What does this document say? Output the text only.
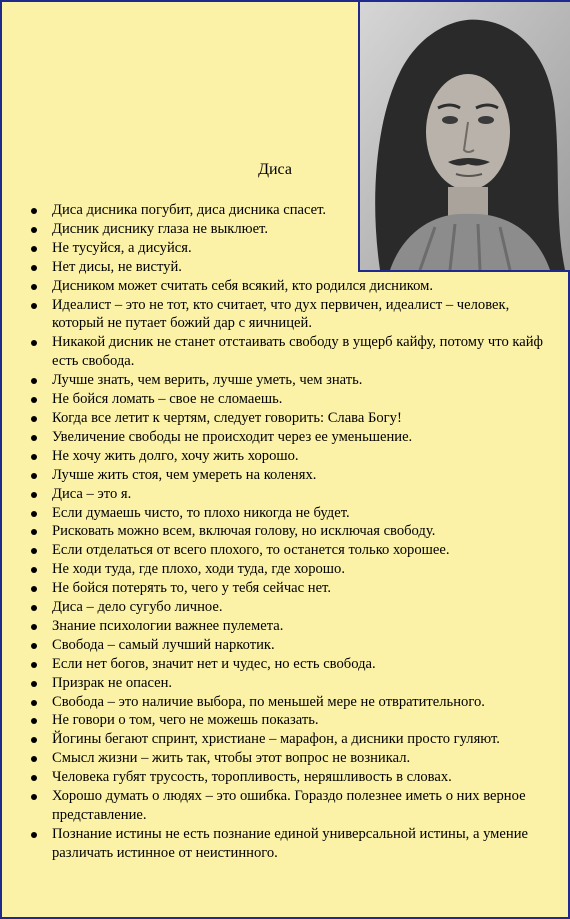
Диса
Диса дисника погубит, диса дисника спасет.
Дисник диснику глаза не выклюет.
Не тусуйся, а дисуйся.
Нет дисы, не вистуй.
Дисником может считать себя всякий, кто родился дисником.
Идеалист – это не тот, кто считает, что дух первичен, идеалист – человек, который не путает божий дар с яичницей.
Никакой дисник не станет отстаивать свободу в ущерб кайфу, потому что кайф есть свобода.
Лучше знать, чем верить, лучше уметь, чем знать.
Не бойся ломать – свое не сломаешь.
Когда все летит к чертям, следует говорить: Слава Богу!
Увеличение свободы не происходит через ее уменьшение.
Не хочу жить долго, хочу жить хорошо.
Лучше жить стоя, чем умереть на коленях.
Диса – это я.
Если думаешь чисто, то плохо никогда не будет.
Рисковать можно всем, включая голову, но исключая свободу.
Если отделаться от всего плохого, то останется только хорошее.
Не ходи туда, где плохо, ходи туда, где хорошо.
Не бойся потерять то, чего у тебя сейчас нет.
Диса – дело сугубо личное.
Знание психологии важнее пулемета.
Свобода – самый лучший наркотик.
Если нет богов, значит нет и чудес, но есть свобода.
Призрак не опасен.
Свобода – это наличие выбора, по меньшей мере не отвратительного.
Не говори о том, чего не можешь показать.
Йогины бегают спринт, христиане – марафон, а дисники просто гуляют.
Смысл жизни – жить так, чтобы этот вопрос не возникал.
Человека губят трусость, торопливость, неряшливость в словах.
Хорошо думать о людях – это ошибка. Гораздо полезнее иметь о них верное представление.
Познание истины не есть познание единой универсальной истины, а умение различать истинное от неистинного.
